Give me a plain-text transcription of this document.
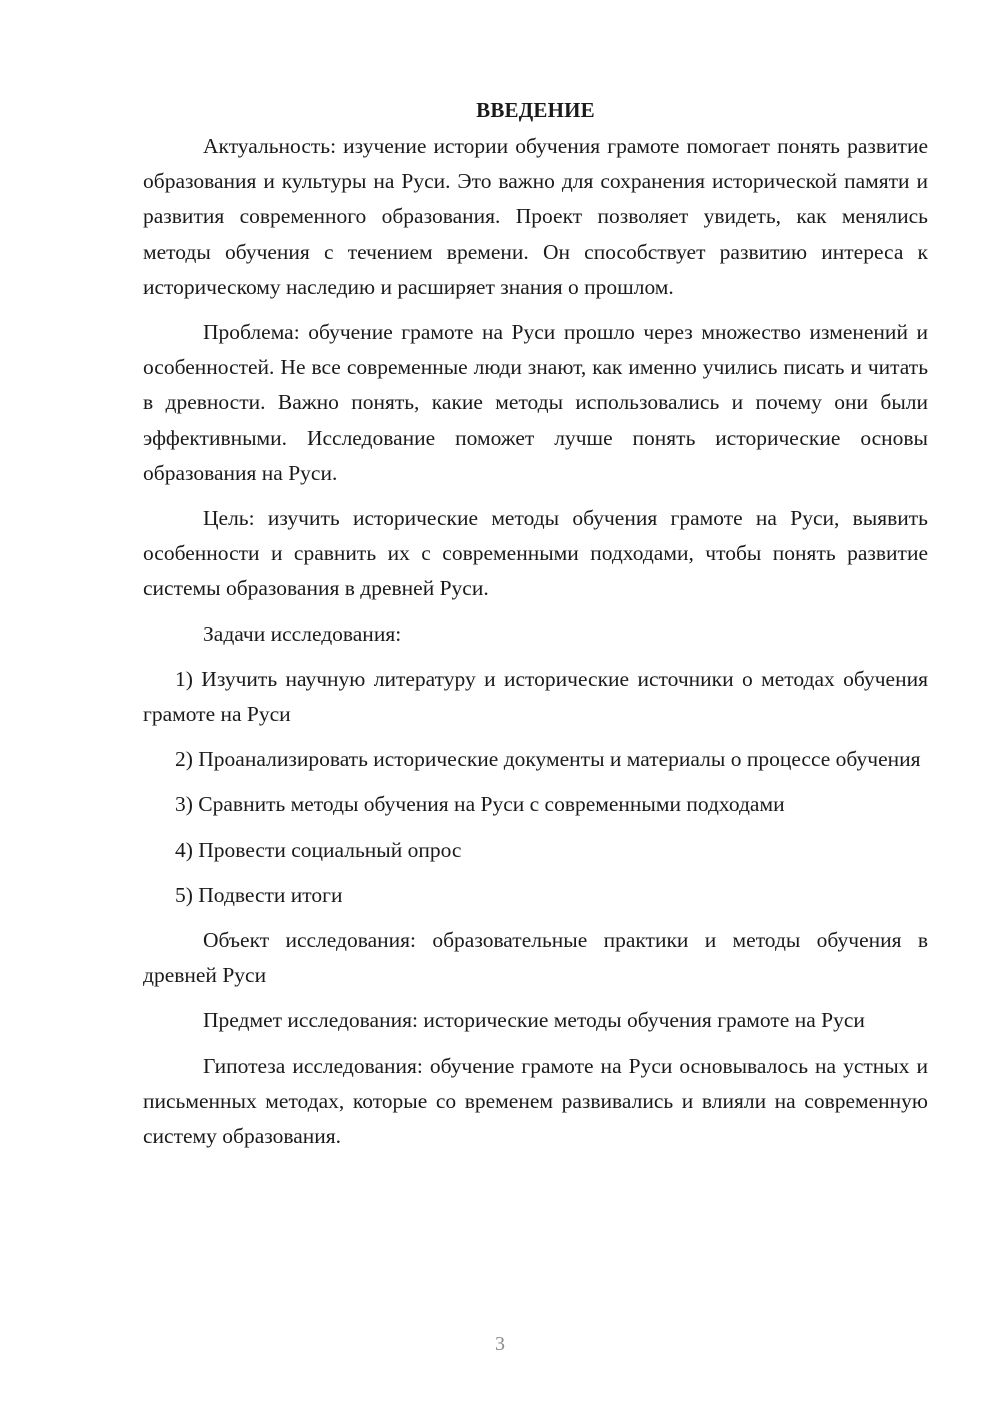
ВВЕДЕНИЕ

Актуальность: изучение истории обучения грамоте помогает понять развитие образования и культуры на Руси. Это важно для сохранения исторической памяти и развития современного образования. Проект позволяет увидеть, как менялись методы обучения с течением времени. Он способствует развитию интереса к историческому наследию и расширяет знания о прошлом.

Проблема: обучение грамоте на Руси прошло через множество изменений и особенностей. Не все современные люди знают, как именно учились писать и читать в древности. Важно понять, какие методы использовались и почему они были эффективными. Исследование поможет лучше понять исторические основы образования на Руси.

Цель: изучить исторические методы обучения грамоте на Руси, выявить особенности и сравнить их с современными подходами, чтобы понять развитие системы образования в древней Руси.

Задачи исследования:

1) Изучить научную литературу и исторические источники о методах обучения грамоте на Руси

2) Проанализировать исторические документы и материалы о процессе обучения

3) Сравнить методы обучения на Руси с современными подходами

4) Провести социальный опрос

5) Подвести итоги

Объект исследования: образовательные практики и методы обучения в древней Руси

Предмет исследования: исторические методы обучения грамоте на Руси

Гипотеза исследования: обучение грамоте на Руси основывалось на устных и письменных методах, которые со временем развивались и влияли на современную систему образования.

3
